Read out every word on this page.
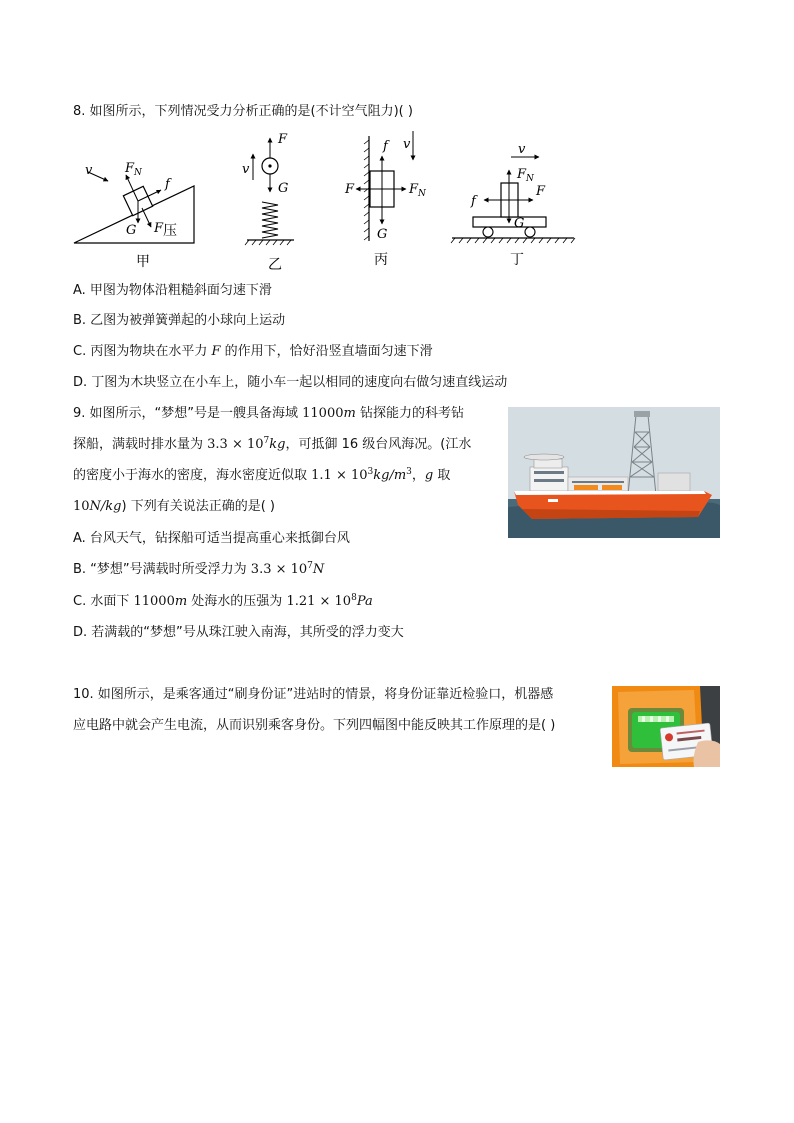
8. 如图所示，下列情况受力分析正确的是(不计空气阻力)( )
v	$F_N$
f
G F压
甲
F
v
G
乙
f v
F	$F_N$
G
丙
v
$F_N$
f
F
G
丁
A. 甲图为物体沿粗糙斜面匀速下滑
B. 乙图为被弹簧弹起的小球向上运动
C. 丙图为物块在水平力 F 的作用下，恰好沿竖直墙面匀速下滑
D. 丁图为木块竖立在小车上，随小车一起以相同的速度向右做匀速直线运动
9. 如图所示，“梦想”号是一艘具备海域 11000m 钻探能力的科考钻
探船，满载时排水量为 $3.3 \times 10^7kg$，可抵御 16 级台风海况。(江水
的密度小于海水的密度，海水密度近似取 $1.1 \times 10^3kg/m^3$，g 取
10N/kg) 下列有关说法正确的是( )
A. 台风天气，钻探船可适当提高重心来抵御台风
B. “梦想”号满载时所受浮力为 $3.3 \times 10^7N$
C. 水面下 11000m 处海水的压强为 $1.21 \times 10^8Pa$
D. 若满载的“梦想”号从珠江驶入南海，其所受的浮力变大
10. 如图所示，是乘客通过“刷身份证”进站时的情景，将身份证靠近检验口，机器感
应电路中就会产生电流，从而识别乘客身份。下列四幅图中能反映其工作原理的是( )
